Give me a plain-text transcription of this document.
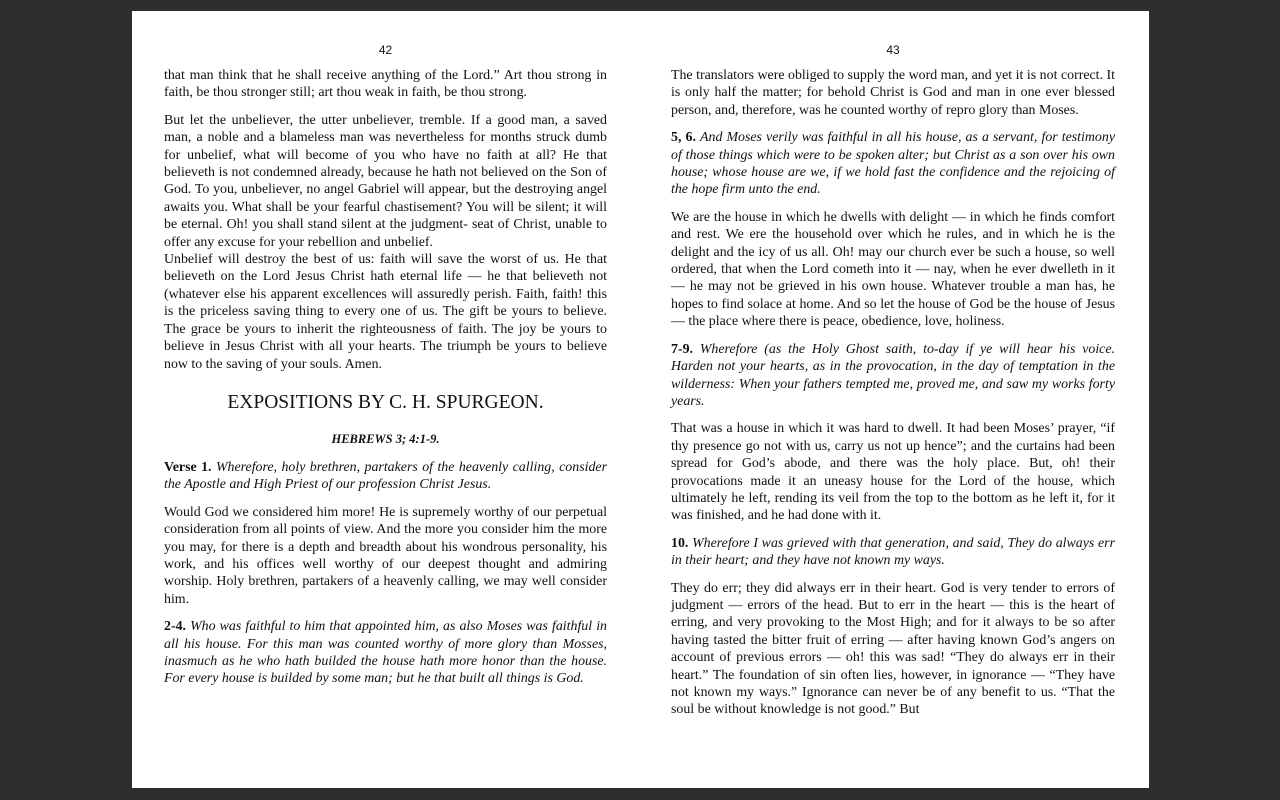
42

that man think that he shall receive anything of the Lord.” Art thou strong in faith, be thou stronger still; art thou weak in faith, be thou strong.

But let the unbeliever, the utter unbeliever, tremble. If a good man, a saved man, a noble and a blameless man was nevertheless for months struck dumb for unbelief, what will become of you who have no faith at all? He that believeth is not condemned already, because he hath not believed on the Son of God. To you, unbeliever, no angel Gabriel will appear, but the destroying angel awaits you. What shall be your fearful chastisement? You will be silent; it will be eternal. Oh! you shall stand silent at the judgment- seat of Christ, unable to offer any excuse for your rebellion and unbelief.

Unbelief will destroy the best of us: faith will save the worst of us. He that believeth on the Lord Jesus Christ hath eternal life — he that believeth not (whatever else his apparent excellences will assuredly perish. Faith, faith! this is the priceless saving thing to every one of us. The gift be yours to believe. The grace be yours to inherit the righteousness of faith. The joy be yours to believe in Jesus Christ with all your hearts. The triumph be yours to believe now to the saving of your souls. Amen.

EXPOSITIONS BY C. H. SPURGEON.
HEBREWS 3; 4:1-9.

Verse 1. Wherefore, holy brethren, partakers of the heavenly calling, consider the Apostle and High Priest of our profession Christ Jesus.

Would God we considered him more! He is supremely worthy of our perpetual consideration from all points of view. And the more you consider him the more you may, for there is a depth and breadth about his wondrous personality, his work, and his offices well worthy of our deepest thought and admiring worship. Holy brethren, partakers of a heavenly calling, we may well consider him.

2-4. Who was faithful to him that appointed him, as also Moses was faithful in all his house. For this man was counted worthy of more glory than Mosses, inasmuch as he who hath builded the house hath more honor than the house. For every house is builded by some man; but he that built all things is God.

43

The translators were obliged to supply the word man, and yet it is not correct. It is only half the matter; for behold Christ is God and man in one ever blessed person, and, therefore, was he counted worthy of repro glory than Moses.

5, 6. And Moses verily was faithful in all his house, as a servant, for testimony of those things which were to be spoken alter; but Christ as a son over his own house; whose house are we, if we hold fast the confidence and the rejoicing of the hope firm unto the end.

We are the house in which he dwells with delight — in which he finds comfort and rest. We ere the household over which he rules, and in which he is the delight and the icy of us all. Oh! may our church ever be such a house, so well ordered, that when the Lord cometh into it — nay, when he ever dwelleth in it — he may not be grieved in his own house. Whatever trouble a man has, he hopes to find solace at home. And so let the house of God be the house of Jesus — the place where there is peace, obedience, love, holiness.

7-9. Wherefore (as the Holy Ghost saith, to-day if ye will hear his voice. Harden not your hearts, as in the provocation, in the day of temptation in the wilderness: When your fathers tempted me, proved me, and saw my works forty years.

That was a house in which it was hard to dwell. It had been Moses’ prayer, “if thy presence go not with us, carry us not up hence”; and the curtains had been spread for God’s abode, and there was the holy place. But, oh! their provocations made it an uneasy house for the Lord of the house, which ultimately he left, rending its veil from the top to the bottom as he left it, for it was finished, and he had done with it.

10. Wherefore I was grieved with that generation, and said, They do always err in their heart; and they have not known my ways.

They do err; they did always err in their heart. God is very tender to errors of judgment — errors of the head. But to err in the heart — this is the heart of erring, and very provoking to the Most High; and for it always to be so after having tasted the bitter fruit of erring — after having known God’s angers on account of previous errors — oh! this was sad! “They do always err in their heart.” The foundation of sin often lies, however, in ignorance — “They have not known my ways.” Ignorance can never be of any benefit to us. “That the soul be without knowledge is not good.” But
